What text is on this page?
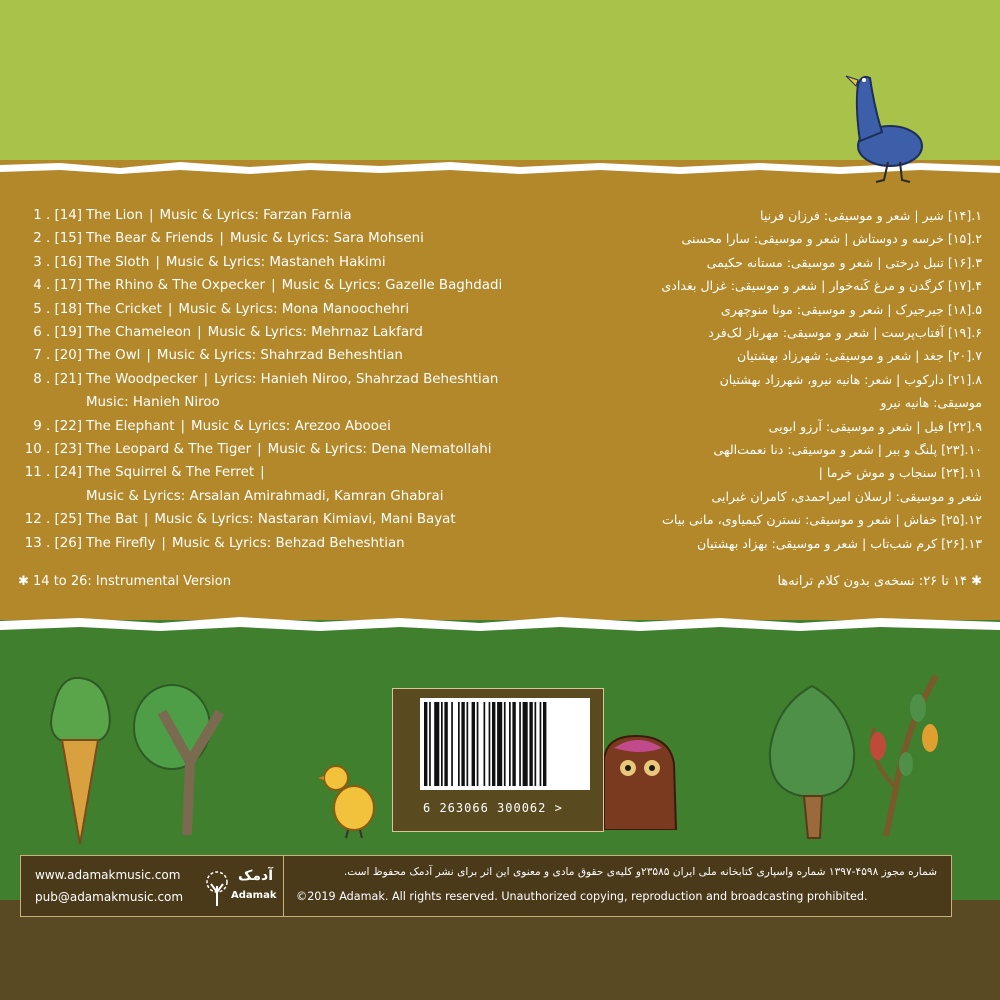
1 . [14] The Lion | Music & Lyrics: Farzan Farnia
2 . [15] The Bear & Friends | Music & Lyrics: Sara Mohseni
3 . [16] The Sloth | Music & Lyrics: Mastaneh Hakimi
4 . [17] The Rhino & The Oxpecker | Music & Lyrics: Gazelle Baghdadi
5 . [18] The Cricket | Music & Lyrics: Mona Manoochehri
6 . [19] The Chameleon | Music & Lyrics: Mehrnaz Lakfard
7 . [20] The Owl | Music & Lyrics: Shahrzad Beheshtian
8 . [21] The Woodpecker | Lyrics: Hanieh Niroo, Shahrzad Beheshtian
Music: Hanieh Niroo
9 . [22] The Elephant | Music & Lyrics: Arezoo Abooei
10 . [23] The Leopard & The Tiger | Music & Lyrics: Dena Nematollahi
11 . [24] The Squirrel & The Ferret |
Music & Lyrics: Arsalan Amirahmadi, Kamran Ghabrai
12 . [25] The Bat | Music & Lyrics: Nastaran Kimiavi, Mani Bayat
13 . [26] The Firefly | Music & Lyrics: Behzad Beheshtian
۱.[۱۴] شیر | شعر و موسیقی: فرزان فرنیا
۲.[۱۵] خرسه و دوستاش | شعر و موسیقی: سارا محسنی
۳.[۱۶] تنبل درختی | شعر و موسیقی: مستانه حکیمی
۴.[۱۷] کرگدن و مرغ کَنه‌خوار | شعر و موسیقی: غزال بغدادی
۵.[۱۸] جیرجیرک | شعر و موسیقی: مونا منوچهری
۶.[۱۹] آفتاب‌پرست | شعر و موسیقی: مهرناز لک‌فرد
۷.[۲۰] جغد | شعر و موسیقی: شهرزاد بهشتیان
۸.[۲۱] دارکوب | شعر: هانیه نیرو، شهرزاد بهشتیان
موسیقی: هانیه نیرو
۹.[۲۲] فیل | شعر و موسیقی: آرزو ابویی
۱۰.[۲۳] پلنگ و ببر | شعر و موسیقی: دنا نعمت‌الهی
۱۱.[۲۴] سنجاب و موش خرما |
شعر و موسیقی: ارسلان امیراحمدی، کامران غبرایی
۱۲.[۲۵] خفاش | شعر و موسیقی: نسترن کیمیاوی، مانی بیات
۱۳.[۲۶] کرم شب‌تاب | شعر و موسیقی: بهزاد بهشتیان
✱ 14 to 26: Instrumental Version	✱ ۱۴ تا ۲۶: نسخه‌ی بدون کلام ترانه‌ها
6 263066 300062 >
www.adamakmusic.com
pub@adamakmusic.com
آدمک
Adamak
شماره مجوز ۴۵۹۸-۱۳۹۷ شماره واسپاری کتابخانه ملی ایران ۲۳۵۸۵و کلیه‌ی حقوق مادی و معنوی این اثر برای نشر آدمک محفوظ است.
©2019 Adamak. All rights reserved. Unauthorized copying, reproduction and broadcasting prohibited.
